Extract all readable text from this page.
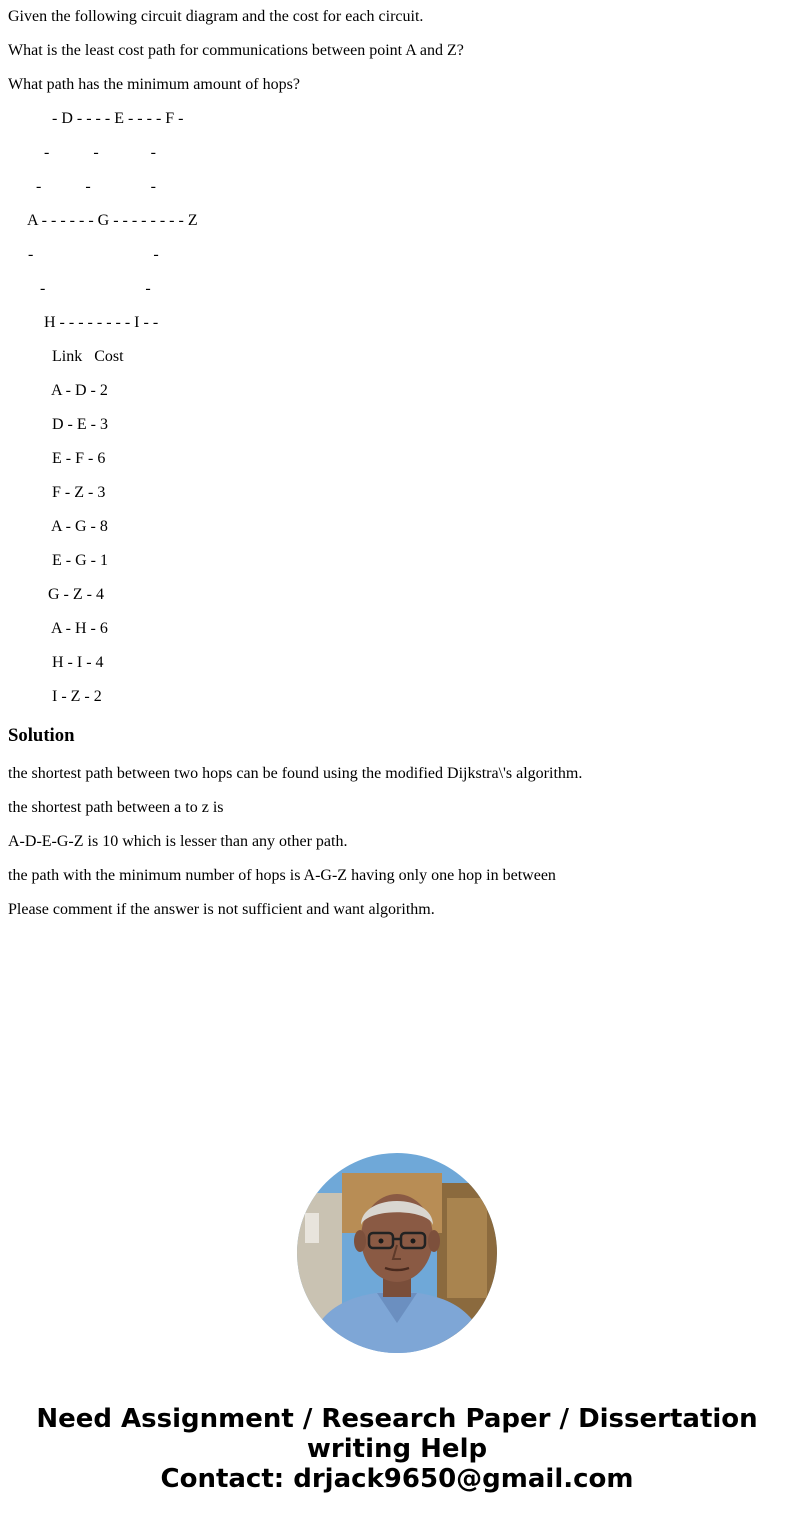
Given the following circuit diagram and the cost for each circuit.
What is the least cost path for communications between point A and Z?
What path has the minimum amount of hops?
- D - - - - E - - - - F -
-           -             -
-           -               -
A - - - - - - G - - - - - - - - Z
-                              -
-                         -
H - - - - - - - - I - -
Link   Cost
A - D - 2
D - E - 3
E - F - 6
F - Z - 3
A - G - 8
E - G - 1
G - Z - 4
A - H - 6
H - I - 4
I - Z - 2
Solution
the shortest path between two hops can be found using the modified Dijkstra\'s algorithm.
the shortest path between a to z is
A-D-E-G-Z is 10 which is lesser than any other path.
the path with the minimum number of hops is A-G-Z having only one hop in between
Please comment if the answer is not sufficient and want algorithm.
Need Assignment / Research Paper / Dissertation
writing Help
Contact: drjack9650@gmail.com
